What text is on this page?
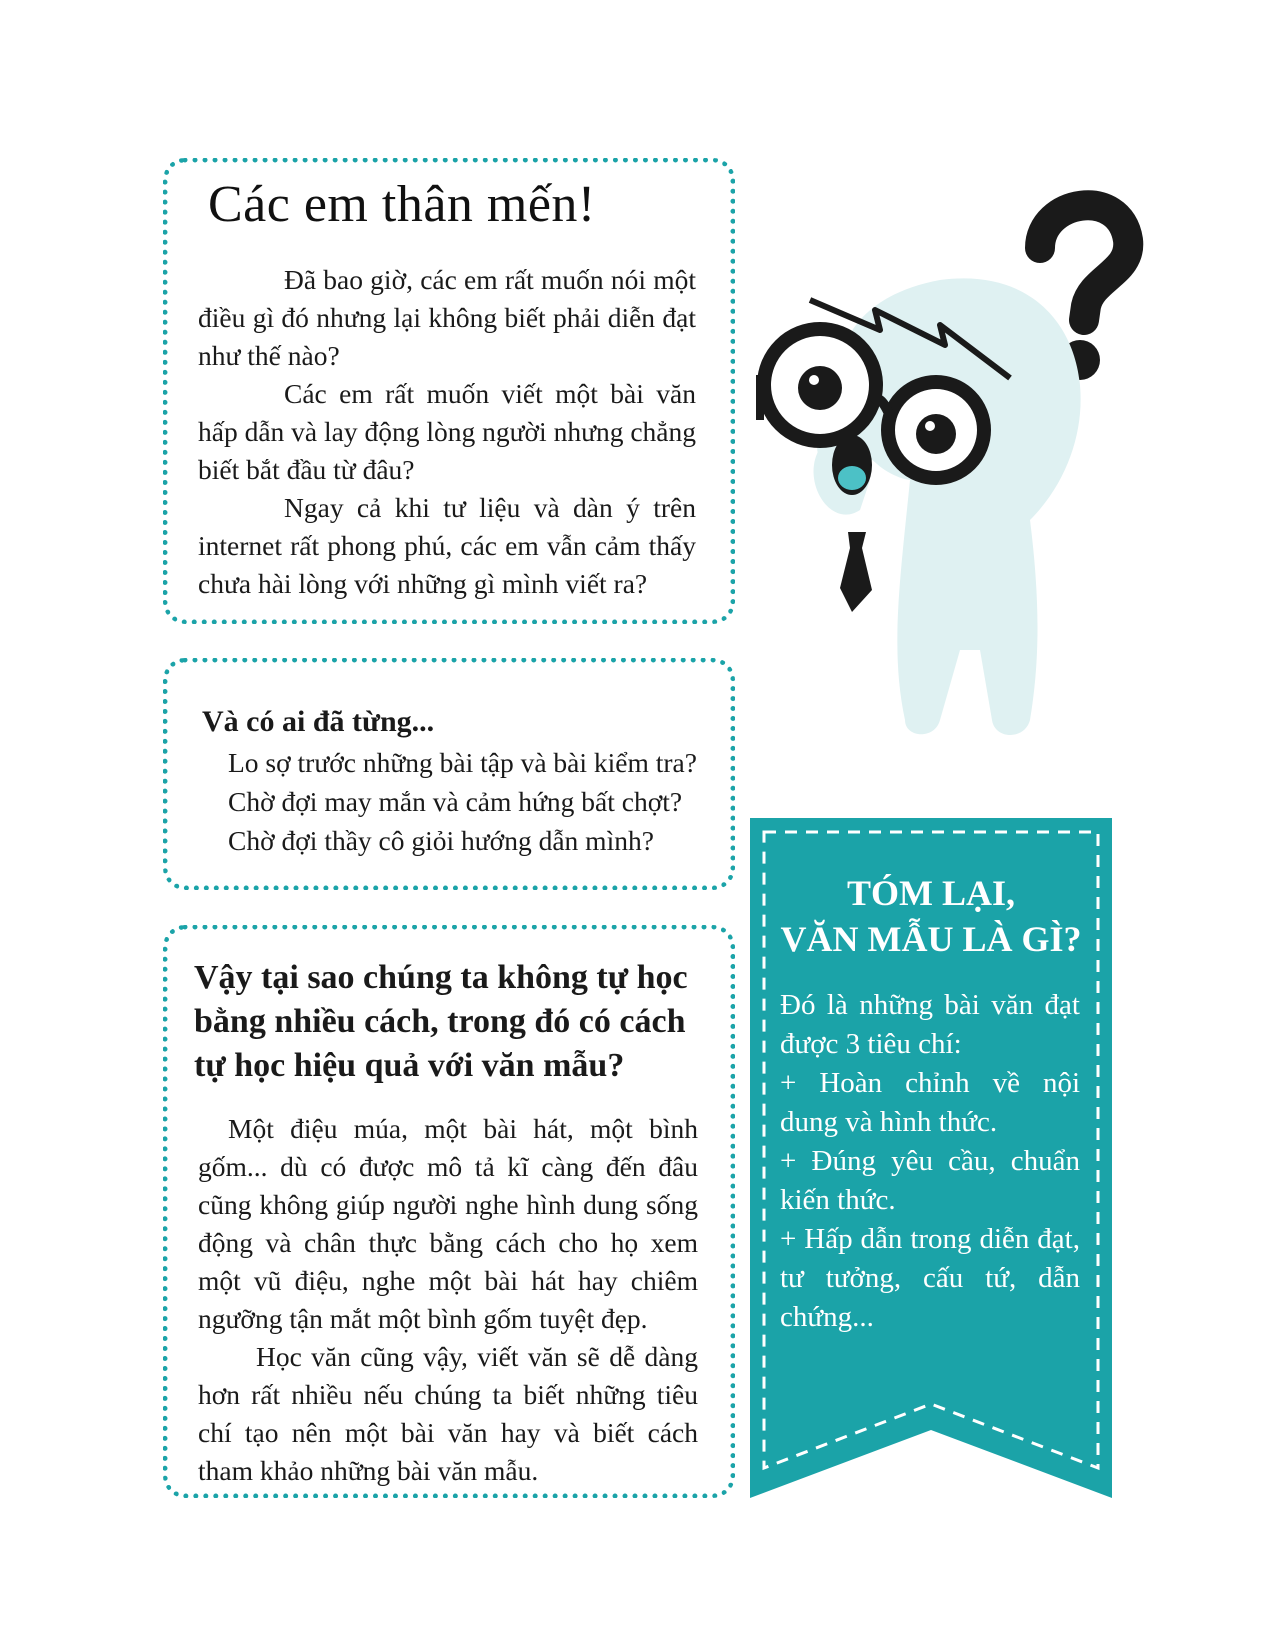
Các em thân mến!

Đã bao giờ, các em rất muốn nói một điều gì đó nhưng lại không biết phải diễn đạt như thế nào?

Các em rất muốn viết một bài văn hấp dẫn và lay động lòng người nhưng chẳng biết bắt đầu từ đâu?

Ngay cả khi tư liệu và dàn ý trên internet rất phong phú, các em vẫn cảm thấy chưa hài lòng với những gì mình viết ra?

Và có ai đã từng...
Lo sợ trước những bài tập và bài kiểm tra?
Chờ đợi may mắn và cảm hứng bất chợt?
Chờ đợi thầy cô giỏi hướng dẫn mình?
Vậy tại sao chúng ta không tự học bằng nhiều cách, trong đó có cách tự học hiệu quả với văn mẫu?

Một điệu múa, một bài hát, một bình gốm... dù có được mô tả kĩ càng đến đâu cũng không giúp người nghe hình dung sống động và chân thực bằng cách cho họ xem một vũ điệu, nghe một bài hát hay chiêm ngưỡng tận mắt một bình gốm tuyệt đẹp.

Học văn cũng vậy, viết văn sẽ dễ dàng hơn rất nhiều nếu chúng ta biết những tiêu chí tạo nên một bài văn hay và biết cách tham khảo những bài văn mẫu.

TÓM LẠI,
VĂN MẪU LÀ GÌ?

Đó là những bài văn đạt được 3 tiêu chí:
+ Hoàn chỉnh về nội dung và hình thức.
+ Đúng yêu cầu, chuẩn kiến thức.
+ Hấp dẫn trong diễn đạt, tư tưởng, cấu tứ, dẫn chứng...
